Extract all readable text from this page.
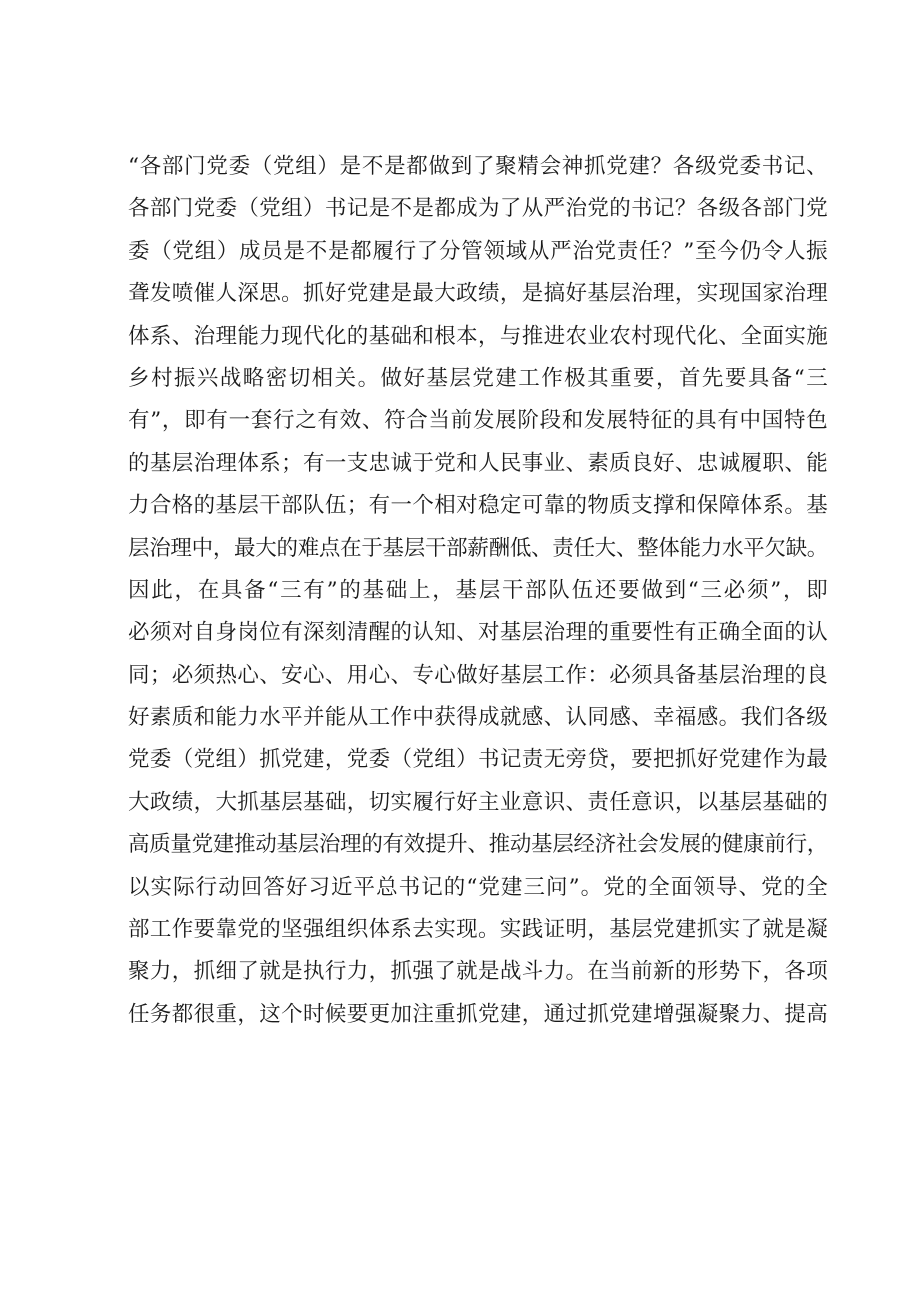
“各部门党委（党组）是不是都做到了聚精会神抓党建？各级党委书记、
各部门党委（党组）书记是不是都成为了从严治党的书记？各级各部门党
委（党组）成员是不是都履行了分管领域从严治党责任？”至今仍令人振
聋发喷催人深思。抓好党建是最大政绩，是搞好基层治理，实现国家治理
体系、治理能力现代化的基础和根本，与推进农业农村现代化、全面实施
乡村振兴战略密切相关。做好基层党建工作极其重要，首先要具备“三
有”，即有一套行之有效、符合当前发展阶段和发展特征的具有中国特色
的基层治理体系；有一支忠诚于党和人民事业、素质良好、忠诚履职、能
力合格的基层干部队伍；有一个相对稳定可靠的物质支撑和保障体系。基
层治理中，最大的难点在于基层干部薪酬低、责任大、整体能力水平欠缺。
因此，在具备“三有”的基础上，基层干部队伍还要做到“三必须”，即
必须对自身岗位有深刻清醒的认知、对基层治理的重要性有正确全面的认
同；必须热心、安心、用心、专心做好基层工作：必须具备基层治理的良
好素质和能力水平并能从工作中获得成就感、认同感、幸福感。我们各级
党委（党组）抓党建，党委（党组）书记责无旁贷，要把抓好党建作为最
大政绩，大抓基层基础，切实履行好主业意识、责任意识，以基层基础的
高质量党建推动基层治理的有效提升、推动基层经济社会发展的健康前行，
以实际行动回答好习近平总书记的“党建三问”。党的全面领导、党的全
部工作要靠党的坚强组织体系去实现。实践证明，基层党建抓实了就是凝
聚力，抓细了就是执行力，抓强了就是战斗力。在当前新的形势下，各项
任务都很重，这个时候要更加注重抓党建，通过抓党建增强凝聚力、提高
